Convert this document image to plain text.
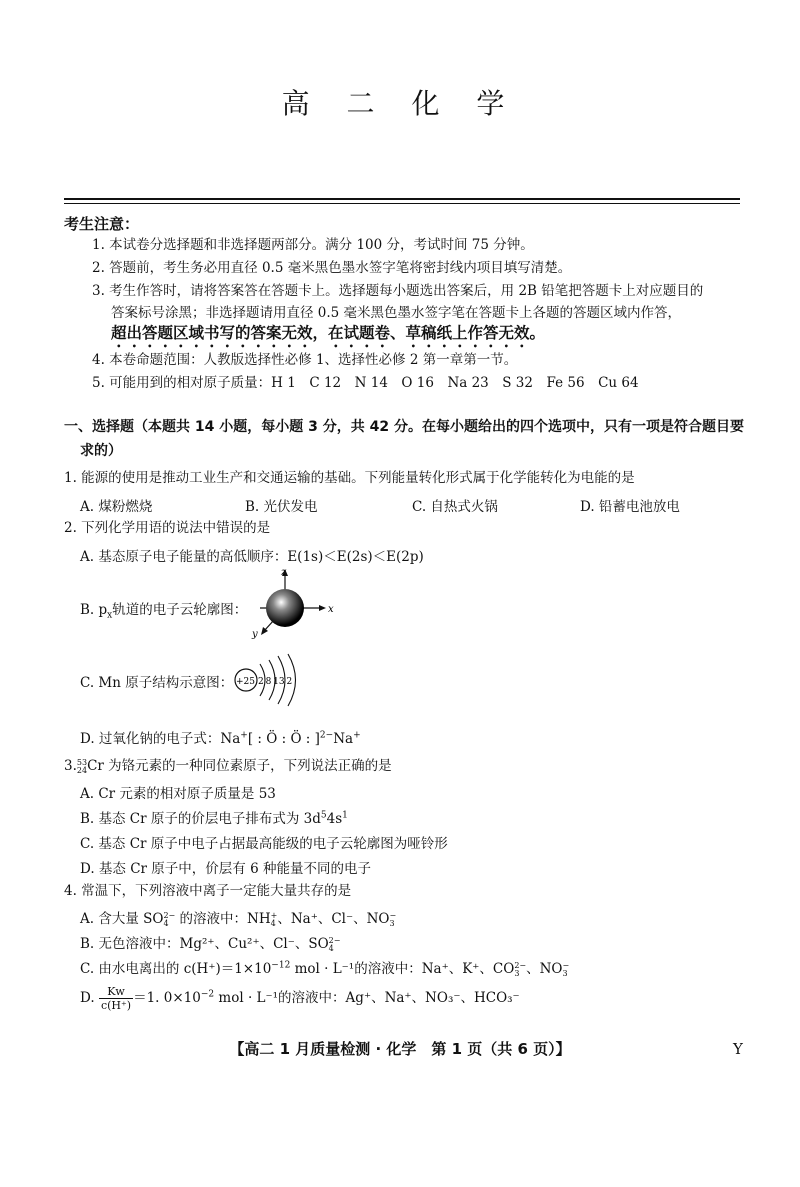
高 二 化 学
考生注意：
1. 本试卷分选择题和非选择题两部分。满分 100 分，考试时间 75 分钟。
2. 答题前，考生务必用直径 0.5 毫米黑色墨水签字笔将密封线内项目填写清楚。
3. 考生作答时，请将答案答在答题卡上。选择题每小题选出答案后，用 2B 铅笔把答题卡上对应题目的
答案标号涂黑；非选择题请用直径 0.5 毫米黑色墨水签字笔在答题卡上各题的答题区域内作答，
超出答题区域书写的答案无效，在试题卷、草稿纸上作答无效。
4. 本卷命题范围：人教版选择性必修 1、选择性必修 2 第一章第一节。
5. 可能用到的相对原子质量：H 1　C 12　N 14　O 16　Na 23　S 32　Fe 56　Cu 64
一、选择题（本题共 14 小题，每小题 3 分，共 42 分。在每小题给出的四个选项中，只有一项是符合题目要
求的）
1. 能源的使用是推动工业生产和交通运输的基础。下列能量转化形式属于化学能转化为电能的是
A. 煤粉燃烧	B. 光伏发电	C. 自热式火锅	D. 铅蓄电池放电
2. 下列化学用语的说法中错误的是
A. 基态原子电子能量的高低顺序：E(1s)＜E(2s)＜E(2p)
B. $p_x$轨道的电子云轮廓图：
z
x
y
C. Mn 原子结构示意图： +25 2 8 13 2
D. 过氧化钠的电子式：Na+[ : Ö : Ö : ]$^{2-}$Na+
3. 53
24 Cr 为铬元素的一种同位素原子，下列说法正确的是
A. Cr 元素的相对原子质量是 53
B. 基态 Cr 原子的价层电子排布式为 $3d^54s^1$
C. 基态 Cr 原子中电子占据最高能级的电子云轮廓图为哑铃形
D. 基态 Cr 原子中，价层有 6 种能量不同的电子
4. 常温下，下列溶液中离子一定能大量共存的是
A. 含大量 SO 2−
4 的溶液中：NH +
4 、Na⁺、Cl⁻、NO −
3
B. 无色溶液中：Mg²⁺、Cu²⁺、Cl⁻、SO 2−
4
C. 由水电离出的 $c(H^+)=1\times 10^{-12}$ mol · L⁻¹的溶液中：Na⁺、K⁺、CO 2−
3 、NO −
3
D. $\frac{Kw}{c(H^+)} =1$. $0\times 10^{-2}$ mol · L⁻¹的溶液中：Ag⁺、Na⁺、NO₃⁻、HCO₃⁻
【高二 1 月质量检测 · 化学　第 1 页（共 6 页）】	Y
